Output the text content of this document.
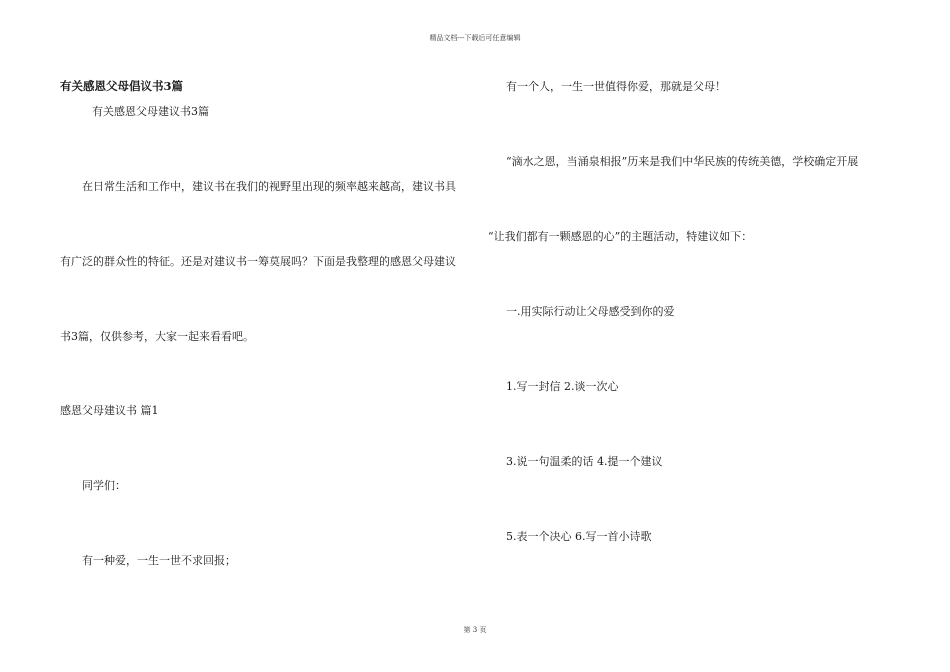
精品文档---下载后可任意编辑
有关感恩父母倡议书3篇
有关感恩父母建议书3篇
在日常生活和工作中，建议书在我们的视野里出现的频率越来越高，建议书具
有广泛的群众性的特征。还是对建议书一筹莫展吗？下面是我整理的感恩父母建议
书3篇，仅供参考，大家一起来看看吧。
感恩父母建议书 篇1
同学们：
有一种爱，一生一世不求回报；
有一个人，一生一世值得你爱，那就是父母！
“滴水之恩，当涌泉相报”历来是我们中华民族的传统美德，学校确定开展
“让我们都有一颗感恩的心”的主题活动，特建议如下：
一.用实际行动让父母感受到你的爱
1.写一封信 2.谈一次心
3.说一句温柔的话 4.提一个建议
5.表一个决心 6.写一首小诗歌
第 3 页
